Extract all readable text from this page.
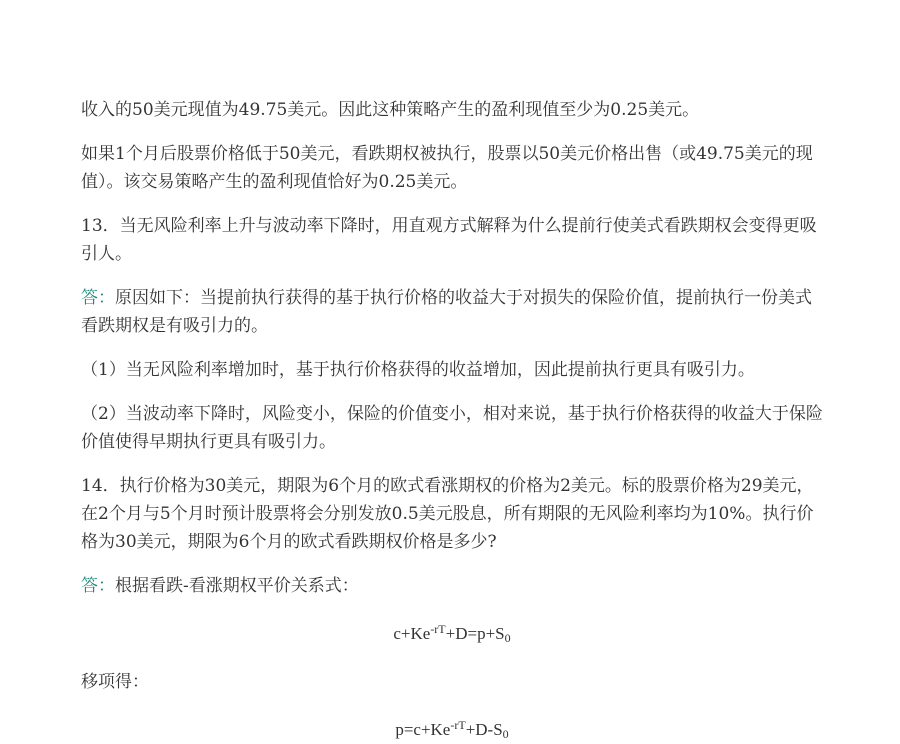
收入的50美元现值为49.75美元。因此这种策略产生的盈利现值至少为0.25美元。

如果1个月后股票价格低于50美元，看跌期权被执行，股票以50美元价格出售（或49.75美元的现值）。该交易策略产生的盈利现值恰好为0.25美元。

13．当无风险利率上升与波动率下降时，用直观方式解释为什么提前行使美式看跌期权会变得更吸引人。

答：原因如下：当提前执行获得的基于执行价格的收益大于对损失的保险价值，提前执行一份美式看跌期权是有吸引力的。

（1）当无风险利率增加时，基于执行价格获得的收益增加，因此提前执行更具有吸引力。

（2）当波动率下降时，风险变小，保险的价值变小，相对来说，基于执行价格获得的收益大于保险价值使得早期执行更具有吸引力。

14．执行价格为30美元，期限为6个月的欧式看涨期权的价格为2美元。标的股票价格为29美元，在2个月与5个月时预计股票将会分别发放0.5美元股息，所有期限的无风险利率均为10%。执行价格为30美元，期限为6个月的欧式看跌期权价格是多少?

答：根据看跌-看涨期权平价关系式：

$c+Ke^{-rT}+D=p+S_0$

移项得：

$p=c+Ke^{-rT}+D-S_0$
